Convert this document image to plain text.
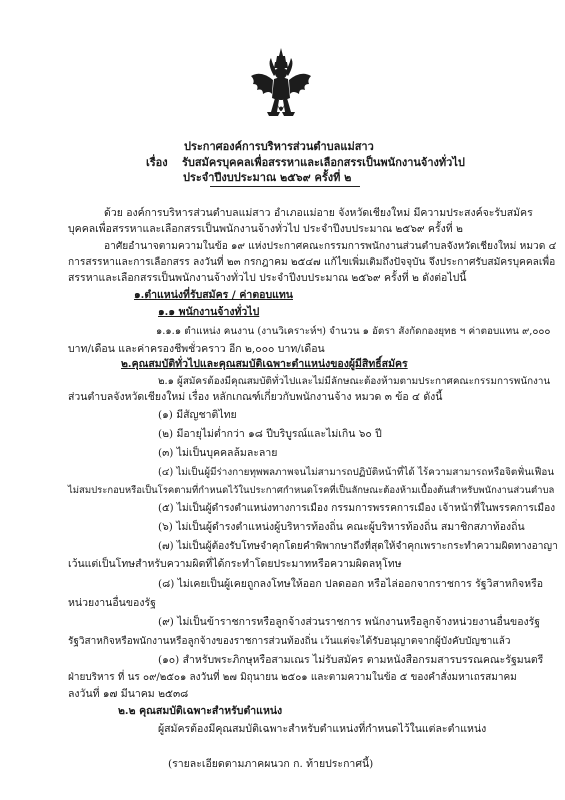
ประกาศองค์การบริหารส่วนตำบลแม่สาว
เรื่อง รับสมัครบุคคลเพื่อสรรหาและเลือกสรรเป็นพนักงานจ้างทั่วไป
ประจำปีงบประมาณ ๒๕๖๙ ครั้งที่ ๒
ด้วย องค์การบริหารส่วนตำบลแม่สาว อำเภอแม่อาย จังหวัดเชียงใหม่ มีความประสงค์จะรับสมัคร
บุคคลเพื่อสรรหาและเลือกสรรเป็นพนักงานจ้างทั่วไป ประจำปีงบประมาณ ๒๕๖๙ ครั้งที่ ๒
อาศัยอำนาจตามความในข้อ ๑๙ แห่งประกาศคณะกรรมการพนักงานส่วนตำบลจังหวัดเชียงใหม่ หมวด ๔
การสรรหาและการเลือกสรร ลงวันที่ ๒๓ กรกฎาคม ๒๕๔๗ แก้ไขเพิ่มเติมถึงปัจจุบัน จึงประกาศรับสมัครบุคคลเพื่อ
สรรหาและเลือกสรรเป็นพนักงานจ้างทั่วไป ประจำปีงบประมาณ ๒๕๖๙ ครั้งที่ ๒ ดังต่อไปนี้
๑.ตำแหน่งที่รับสมัคร / ค่าตอบแทน
๑.๑ พนักงานจ้างทั่วไป
๑.๑.๑ ตำแหน่ง คนงาน (งานวิเคราะห์ฯ) จำนวน ๑ อัตรา สังกัดกองยุทธ ฯ ค่าตอบแทน ๙,๐๐๐
บาท/เดือน และค่าครองชีพชั่วคราว อีก ๒,๐๐๐ บาท/เดือน
๒.คุณสมบัติทั่วไปและคุณสมบัติเฉพาะตำแหน่งของผู้มีสิทธิ์สมัคร
๒.๑ ผู้สมัครต้องมีคุณสมบัติทั่วไปและไม่มีลักษณะต้องห้ามตามประกาศคณะกรรมการพนักงาน
ส่วนตำบลจังหวัดเชียงใหม่ เรื่อง หลักเกณฑ์เกี่ยวกับพนักงานจ้าง หมวด ๓ ข้อ ๔ ดังนี้
(๑) มีสัญชาติไทย
(๒) มีอายุไม่ต่ำกว่า ๑๘ ปีบริบูรณ์และไม่เกิน ๖๐ ปี
(๓) ไม่เป็นบุคคลล้มละลาย
(๔) ไม่เป็นผู้มีร่างกายทุพพลภาพจนไม่สามารถปฏิบัติหน้าที่ได้ ไร้ความสามารถหรือจิตฟั่นเฟือน
ไม่สมประกอบหรือเป็นโรคตามที่กำหนดไว้ในประกาศกำหนดโรคที่เป็นลักษณะต้องห้ามเบื้องต้นสำหรับพนักงานส่วนตำบล
(๕) ไม่เป็นผู้ดำรงตำแหน่งทางการเมือง กรรมการพรรคการเมือง เจ้าหน้าที่ในพรรคการเมือง
(๖) ไม่เป็นผู้ดำรงตำแหน่งผู้บริหารท้องถิ่น คณะผู้บริหารท้องถิ่น สมาชิกสภาท้องถิ่น
(๗) ไม่เป็นผู้ต้องรับโทษจำคุกโดยคำพิพากษาถึงที่สุดให้จำคุกเพราะกระทำความผิดทางอาญา
เว้นแต่เป็นโทษสำหรับความผิดที่ได้กระทำโดยประมาทหรือความผิดลหุโทษ
(๘) ไม่เคยเป็นผู้เคยถูกลงโทษให้ออก ปลดออก หรือไล่ออกจากราชการ รัฐวิสาหกิจหรือ
หน่วยงานอื่นของรัฐ
(๙) ไม่เป็นข้าราชการหรือลูกจ้างส่วนราชการ พนักงานหรือลูกจ้างหน่วยงานอื่นของรัฐ
รัฐวิสาหกิจหรือพนักงานหรือลูกจ้างของราชการส่วนท้องถิ่น เว้นแต่จะได้รับอนุญาตจากผู้บังคับบัญชาแล้ว
(๑๐) สำหรับพระภิกษุหรือสามเณร ไม่รับสมัคร ตามหนังสือกรมสารบรรณคณะรัฐมนตรี
ฝ่ายบริหาร ที่ นร ๐๙/๒๕๐๑ ลงวันที่ ๒๗ มิถุนายน ๒๕๐๑ และตามความในข้อ ๕ ของคำสั่งมหาเถรสมาคม
ลงวันที่ ๑๗ มีนาคม ๒๕๓๘
๒.๒ คุณสมบัติเฉพาะสำหรับตำแหน่ง
ผู้สมัครต้องมีคุณสมบัติเฉพาะสำหรับตำแหน่งที่กำหนดไว้ในแต่ละตำแหน่ง
(รายละเอียดตามภาคผนวก ก. ท้ายประกาศนี้)
